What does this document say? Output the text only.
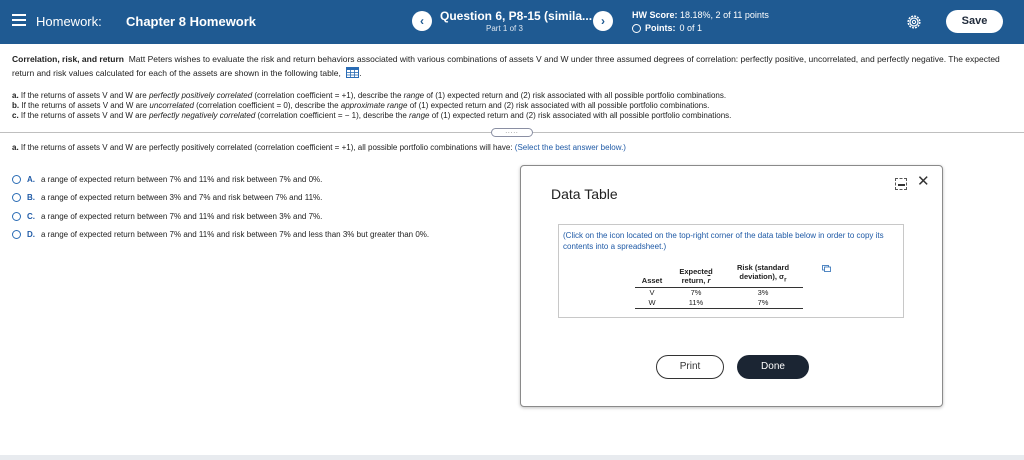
Homework: Chapter 8 Homework	‹	Question 6, P8-15 (simila...
Part 1 of 3
›	HW Score: 18.18%, 2 of 11 points
Points: 0 of 1
Save
Correlation, risk, and return Matt Peters wishes to evaluate the risk and return behaviors associated with various combinations of assets V and W under three assumed degrees of correlation: perfectly positive, uncorrelated, and perfectly negative. The expected return and risk values calculated for each of the assets are shown in the following table, .
a. If the returns of assets V and W are perfectly positively correlated (correlation coefficient = +1), describe the range of (1) expected return and (2) risk associated with all possible portfolio combinations.
b. If the returns of assets V and W are uncorrelated (correlation coefficient = 0), describe the approximate range of (1) expected return and (2) risk associated with all possible portfolio combinations.
c. If the returns of assets V and W are perfectly negatively correlated (correlation coefficient = − 1), describe the range of (1) expected return and (2) risk associated with all possible portfolio combinations.
.....
a. If the returns of assets V and W are perfectly positively correlated (correlation coefficient = +1), all possible portfolio combinations will have: (Select the best answer below.)
A. a range of expected return between 7% and 11% and risk between 7% and 0%.
B. a range of expected return between 3% and 7% and risk between 7% and 11%.
C. a range of expected return between 7% and 11% and risk between 3% and 7%.
D. a range of expected return between 7% and 11% and risk between 7% and less than 3% but greater than 0%.
Data Table
✕
(Click on the icon located on the top-right corner of the data table below in order to copy its contents into a spreadsheet.)
Asset	Expected
return, $\overline{r}$	Risk (standard
deviation), $\sigma_r$
V	7%	3%
W	11%	7%
Print	Done
